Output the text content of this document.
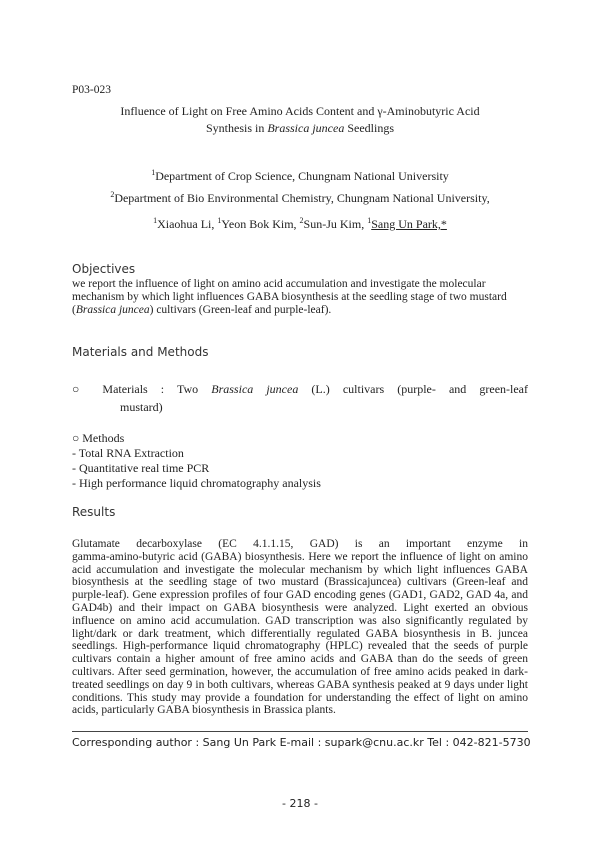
P03-023
Influence of Light on Free Amino Acids Content and γ-Aminobutyric Acid
Synthesis in Brassica juncea Seedlings
$^1$Department of Crop Science, Chungnam National University
$^2$Department of Bio Environmental Chemistry, Chungnam National University,
$^1$Xiaohua Li, $^1$Yeon Bok Kim, $^2$Sun-Ju Kim, $^1$Sang Un Park,*
Objectives
we report the influence of light on amino acid accumulation and investigate the molecular mechanism by which light influences GABA biosynthesis at the seedling stage of two mustard (Brassica juncea) cultivars (Green-leaf and purple-leaf).
Materials and Methods
○ Materials : Two Brassica juncea (L.) cultivars (purple- and green-leaf
mustard)
○ Methods
- Total RNA Extraction
- Quantitative real time PCR
- High performance liquid chromatography analysis
Results
Glutamate decarboxylase (EC 4.1.1.15, GAD) is an important enzyme in
gamma-amino-butyric acid (GABA) biosynthesis. Here we report the influence of light on amino acid accumulation and investigate the molecular mechanism by which light influences GABA biosynthesis at the seedling stage of two mustard (Brassicajuncea) cultivars (Green-leaf and purple-leaf). Gene expression profiles of four GAD encoding genes (GAD1, GAD2, GAD 4a, and GAD4b) and their impact on GABA biosynthesis were analyzed. Light exerted an obvious influence on amino acid accumulation. GAD transcription was also significantly regulated by light/dark or dark treatment, which differentially regulated GABA biosynthesis in B. juncea seedlings. High-performance liquid chromatography (HPLC) revealed that the seeds of purple cultivars contain a higher amount of free amino acids and GABA than do the seeds of green cultivars. After seed germination, however, the accumulation of free amino acids peaked in dark-treated seedlings on day 9 in both cultivars, whereas GABA synthesis peaked at 9 days under light conditions. This study may provide a foundation for understanding the effect of light on amino acids, particularly GABA biosynthesis in Brassica plants.
Corresponding author : Sang Un Park E-mail : supark@cnu.ac.kr Tel : 042-821-5730
- 218 -
